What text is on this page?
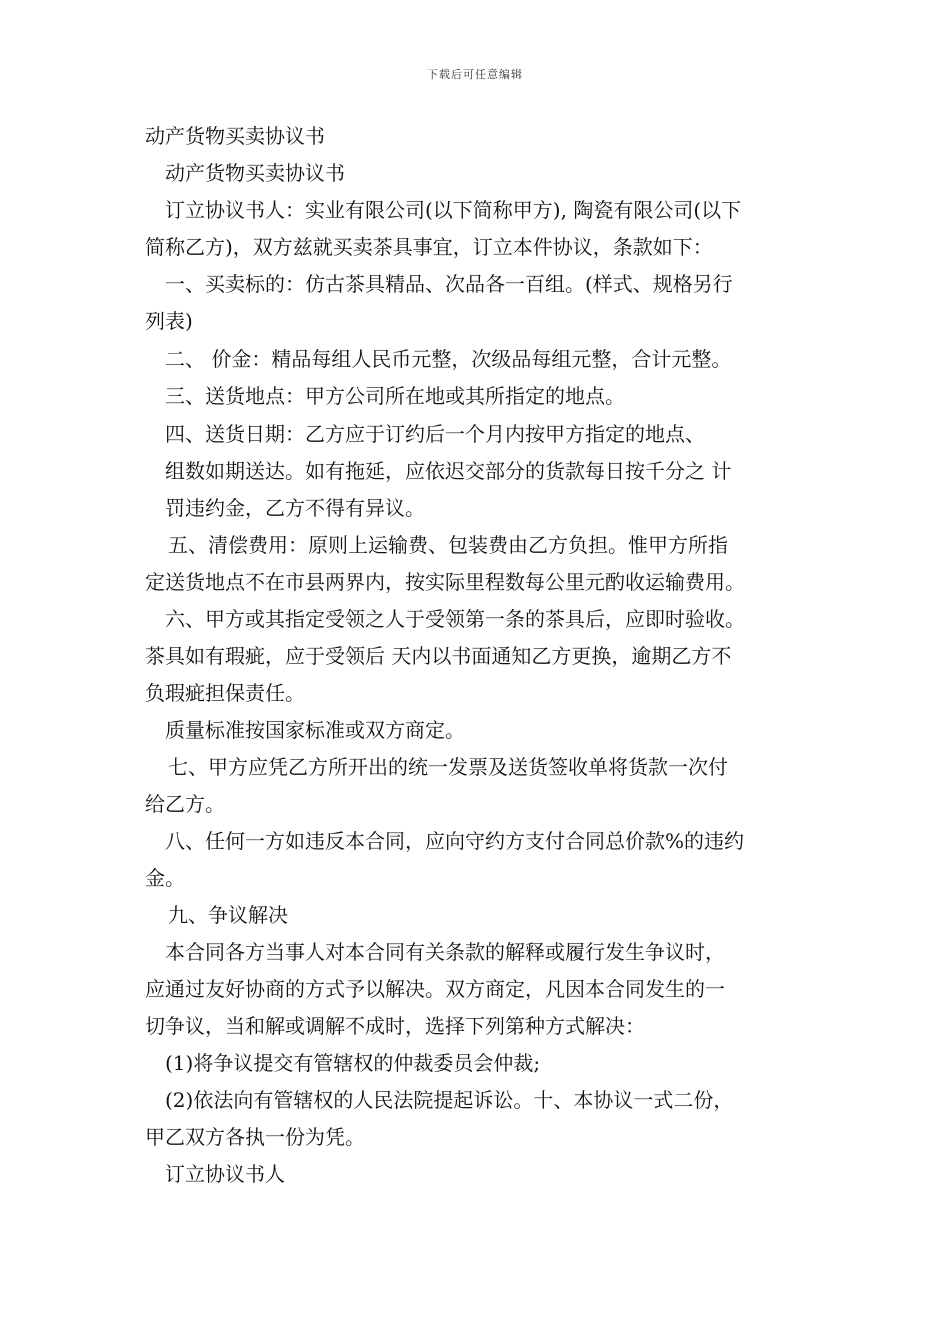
下载后可任意编辑
动产货物买卖协议书
动产货物买卖协议书
订立协议书人：实业有限公司(以下简称甲方), 陶瓷有限公司(以下
简称乙方)，双方兹就买卖茶具事宜，订立本件协议，条款如下：
一、买卖标的：仿古茶具精品、次品各一百组。(样式、规格另行
列表)
二、 价金：精品每组人民币元整，次级品每组元整，合计元整。
三、送货地点：甲方公司所在地或其所指定的地点。
四、送货日期：乙方应于订约后一个月内按甲方指定的地点、
组数如期送达。如有拖延，应依迟交部分的货款每日按千分之 计
罚违约金，乙方不得有异议。
五、清偿费用：原则上运输费、包装费由乙方负担。惟甲方所指
定送货地点不在市县两界内，按实际里程数每公里元酌收运输费用。
六、甲方或其指定受领之人于受领第一条的茶具后，应即时验收。
茶具如有瑕疵，应于受领后 天内以书面通知乙方更换，逾期乙方不
负瑕疵担保责任。
质量标准按国家标准或双方商定。
七、甲方应凭乙方所开出的统一发票及送货签收单将货款一次付
给乙方。
八、任何一方如违反本合同，应向守约方支付合同总价款%的违约
金。
九、争议解决
本合同各方当事人对本合同有关条款的解释或履行发生争议时，
应通过友好协商的方式予以解决。双方商定，凡因本合同发生的一
切争议，当和解或调解不成时，选择下列第种方式解决：
(1)将争议提交有管辖权的仲裁委员会仲裁;
(2)依法向有管辖权的人民法院提起诉讼。十、本协议一式二份，
甲乙双方各执一份为凭。
订立协议书人
